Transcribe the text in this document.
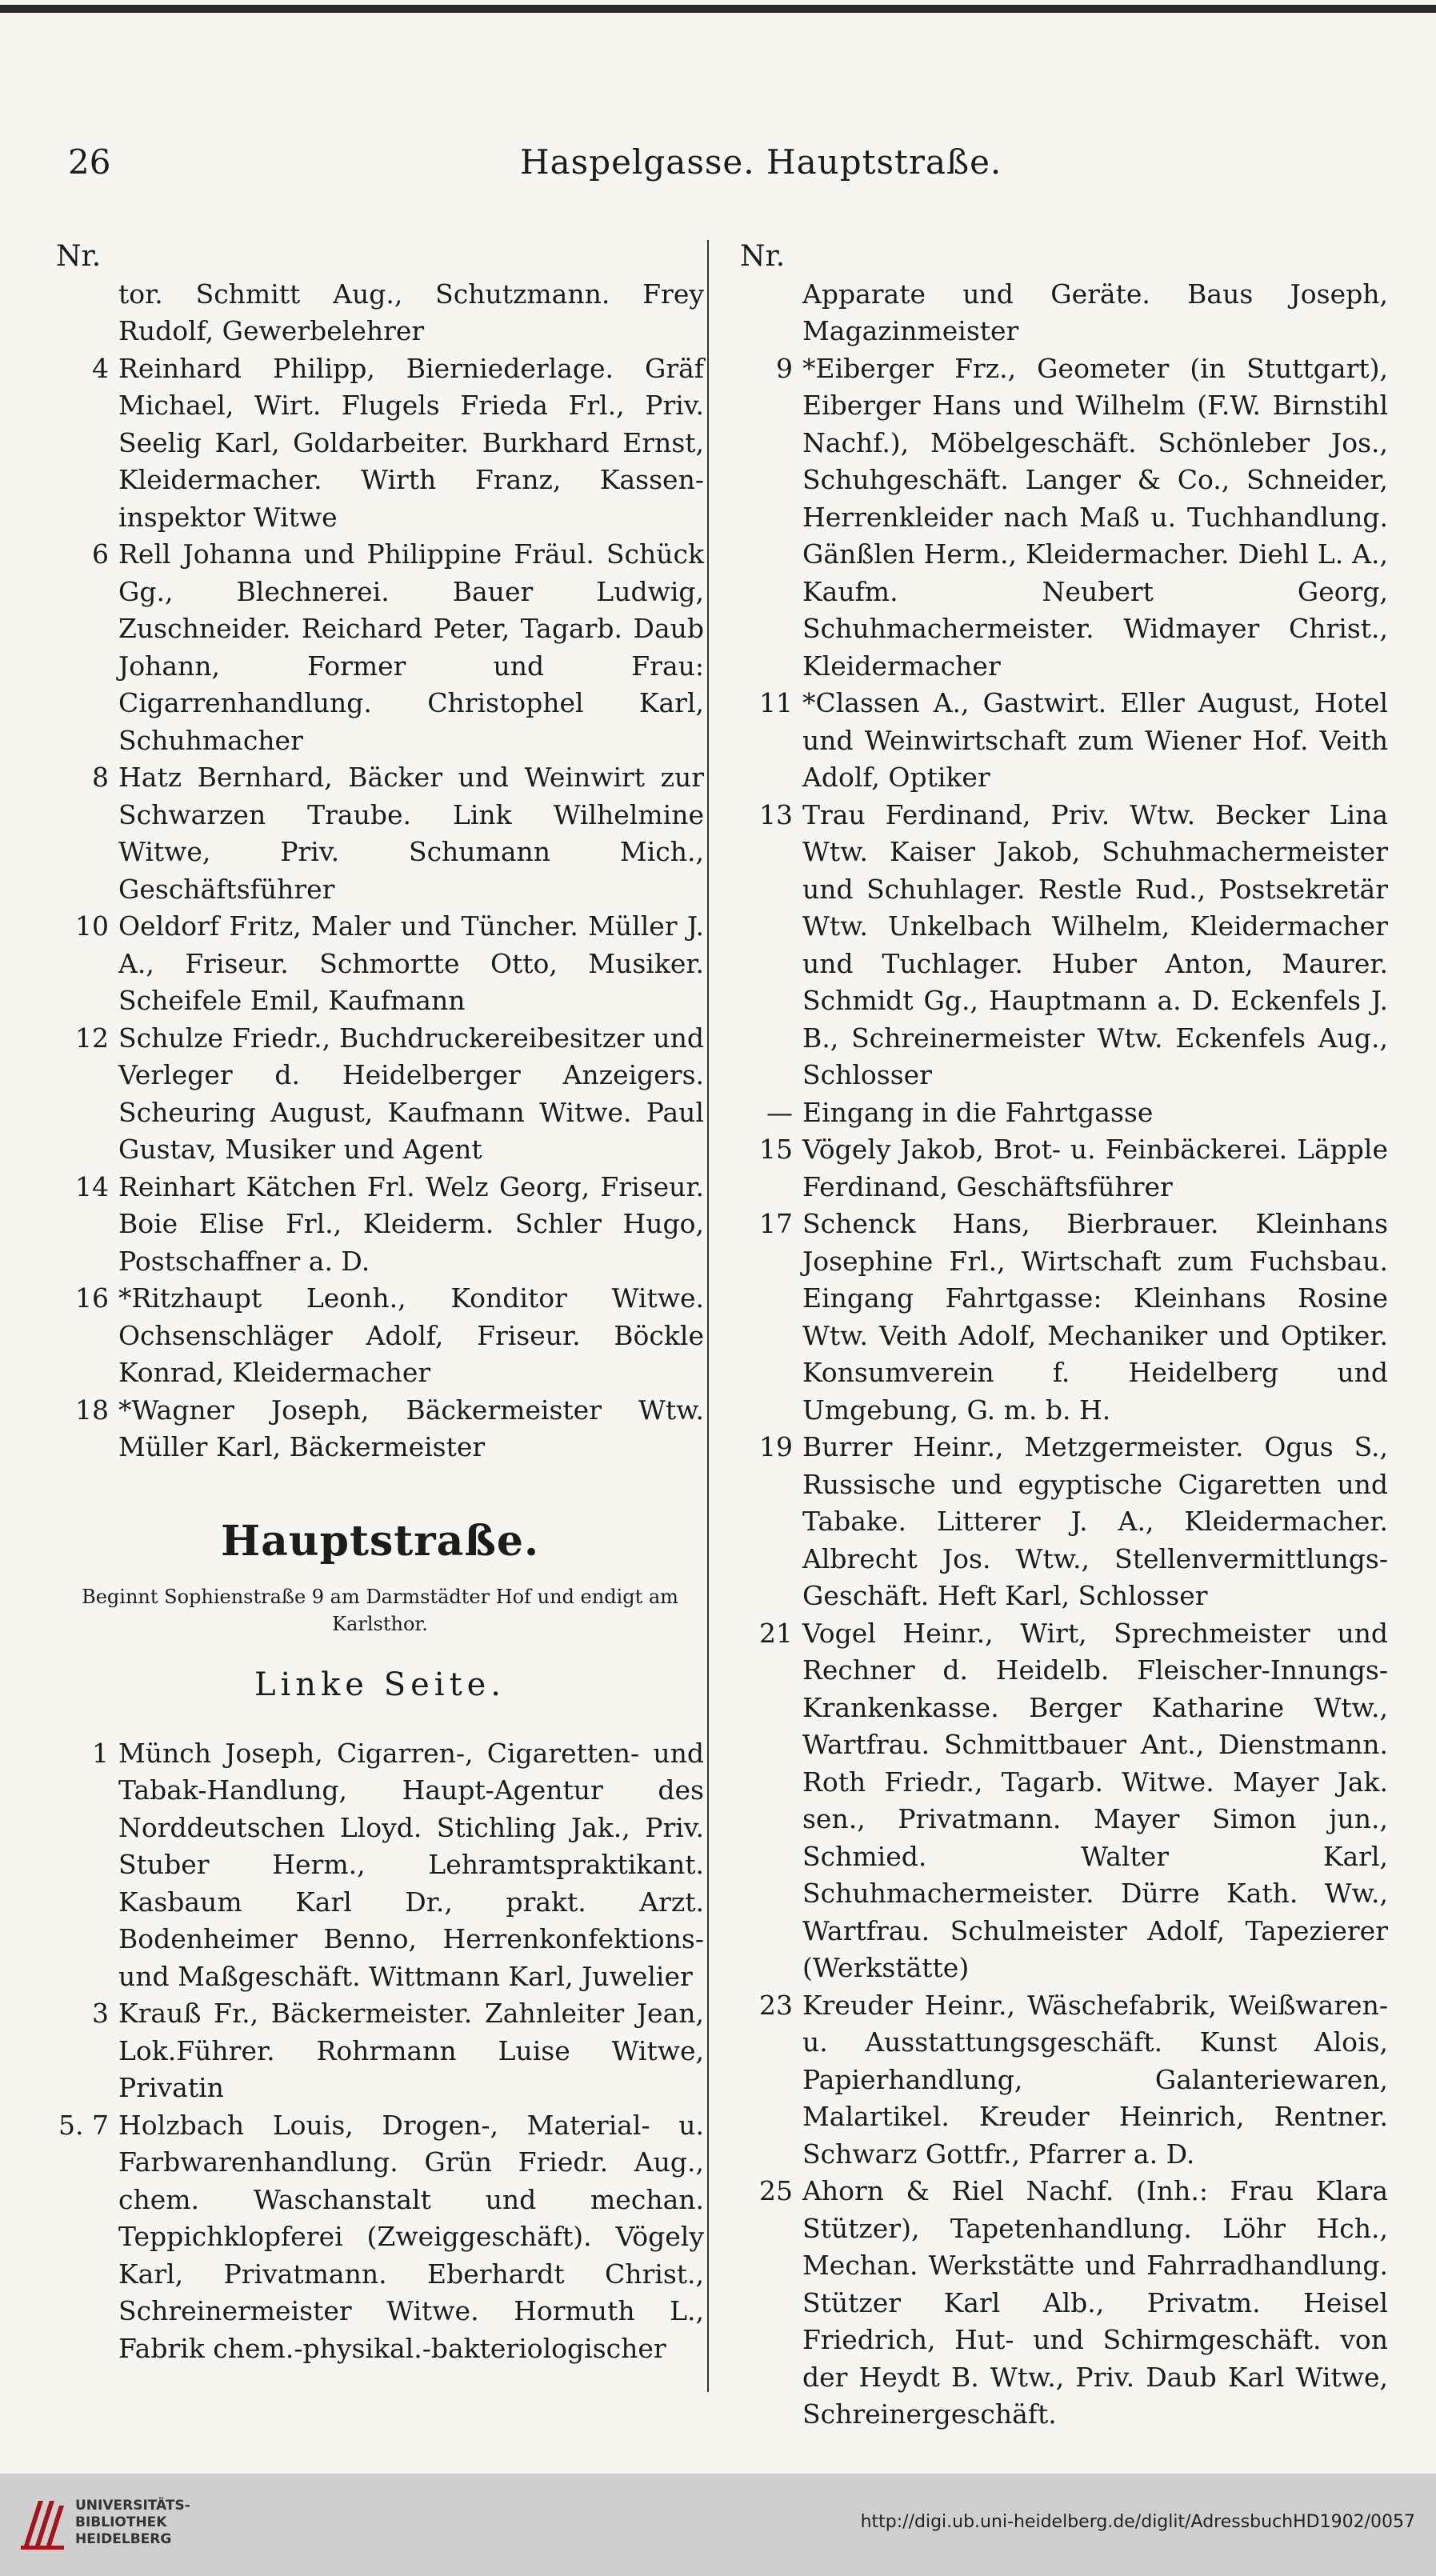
26	Haspelgasse. Hauptstraße.
Nr.
tor. Schmitt Aug., Schutzmann. Frey Rudolf, Gewerbelehrer
4 Reinhard Philipp, Bierniederlage. Gräf Michael, Wirt. Flugels Frieda Frl., Priv. Seelig Karl, Goldarbeiter. Burkhard Ernst, Kleidermacher. Wirth Franz, Kasseninspektor Witwe
6 Rell Johanna und Philippine Fräul. Schück Gg., Blechnerei. Bauer Ludwig, Zuschneider. Reichard Peter, Tagarb. Daub Johann, Former und Frau: Cigarrenhandlung. Christophel Karl, Schuhmacher
8 Hatz Bernhard, Bäcker und Weinwirt zur Schwarzen Traube. Link Wilhelmine Witwe, Priv. Schumann Mich., Geschäftsführer
10 Oeldorf Fritz, Maler und Tüncher. Müller J. A., Friseur. Schmortte Otto, Musiker. Scheifele Emil, Kaufmann
12 Schulze Friedr., Buchdruckereibesitzer und Verleger d. Heidelberger Anzeigers. Scheuring August, Kaufmann Witwe. Paul Gustav, Musiker und Agent
14 Reinhart Kätchen Frl. Welz Georg, Friseur. Boie Elise Frl., Kleiderm. Schler Hugo, Postschaffner a. D.
16 *Ritzhaupt Leonh., Konditor Witwe. Ochsenschläger Adolf, Friseur. Böckle Konrad, Kleidermacher
18 *Wagner Joseph, Bäckermeister Wtw. Müller Karl, Bäckermeister
Hauptstraße.
Beginnt Sophienstraße 9 am Darmstädter Hof und endigt am Karlsthor.
Linke Seite.
1 Münch Joseph, Cigarren-, Cigaretten- und Tabak-Handlung, Haupt-Agentur des Norddeutschen Lloyd. Stichling Jak., Priv. Stuber Herm., Lehramtspraktikant. Kasbaum Karl Dr., prakt. Arzt. Bodenheimer Benno, Herrenkonfektions- und Maßgeschäft. Wittmann Karl, Juwelier
3 Krauß Fr., Bäckermeister. Zahnleiter Jean, Lok.Führer. Rohrmann Luise Witwe, Privatin
5. 7 Holzbach Louis, Drogen-, Material- u. Farbwarenhandlung. Grün Friedr. Aug., chem. Waschanstalt und mechan. Teppichklopferei (Zweiggeschäft). Vögely Karl, Privatmann. Eberhardt Christ., Schreinermeister Witwe. Hormuth L., Fabrik chem.-physikal.-bakteriologischer
Nr.
Apparate und Geräte. Baus Joseph, Magazinmeister
9 *Eiberger Frz., Geometer (in Stuttgart), Eiberger Hans und Wilhelm (F.W. Birnstihl Nachf.), Möbelgeschäft. Schönleber Jos., Schuhgeschäft. Langer & Co., Schneider, Herrenkleider nach Maß u. Tuchhandlung. Gänßlen Herm., Kleidermacher. Diehl L. A., Kaufm. Neubert Georg, Schuhmachermeister. Widmayer Christ., Kleidermacher
11 *Classen A., Gastwirt. Eller August, Hotel und Weinwirtschaft zum Wiener Hof. Veith Adolf, Optiker
13 Trau Ferdinand, Priv. Wtw. Becker Lina Wtw. Kaiser Jakob, Schuhmachermeister und Schuhlager. Restle Rud., Postsekretär Wtw. Unkelbach Wilhelm, Kleidermacher und Tuchlager. Huber Anton, Maurer. Schmidt Gg., Hauptmann a. D. Eckenfels J. B., Schreinermeister Wtw. Eckenfels Aug., Schlosser
— Eingang in die Fahrtgasse
15 Vögely Jakob, Brot- u. Feinbäckerei. Läpple Ferdinand, Geschäftsführer
17 Schenck Hans, Bierbrauer. Kleinhans Josephine Frl., Wirtschaft zum Fuchsbau. Eingang Fahrtgasse: Kleinhans Rosine Wtw. Veith Adolf, Mechaniker und Optiker. Konsumverein f. Heidelberg und Umgebung, G. m. b. H.
19 Burrer Heinr., Metzgermeister. Ogus S., Russische und egyptische Cigaretten und Tabake. Litterer J. A., Kleidermacher. Albrecht Jos. Wtw., Stellenvermittlungs-Geschäft. Heft Karl, Schlosser
21 Vogel Heinr., Wirt, Sprechmeister und Rechner d. Heidelb. Fleischer-Innungs-Krankenkasse. Berger Katharine Wtw., Wartfrau. Schmittbauer Ant., Dienstmann. Roth Friedr., Tagarb. Witwe. Mayer Jak. sen., Privatmann. Mayer Simon jun., Schmied. Walter Karl, Schuhmachermeister. Dürre Kath. Ww., Wartfrau. Schulmeister Adolf, Tapezierer (Werkstätte)
23 Kreuder Heinr., Wäschefabrik, Weißwaren- u. Ausstattungsgeschäft. Kunst Alois, Papierhandlung, Galanteriewaren, Malartikel. Kreuder Heinrich, Rentner. Schwarz Gottfr., Pfarrer a. D.
25 Ahorn & Riel Nachf. (Inh.: Frau Klara Stützer), Tapetenhandlung. Löhr Hch., Mechan. Werkstätte und Fahrradhandlung. Stützer Karl Alb., Privatm. Heisel Friedrich, Hut- und Schirmgeschäft. von der Heydt B. Wtw., Priv. Daub Karl Witwe, Schreinergeschäft.
UNIVERSITÄTS-
BIBLIOTHEK
HEIDELBERG
http://digi.ub.uni-heidelberg.de/diglit/AdressbuchHD1902/0057
